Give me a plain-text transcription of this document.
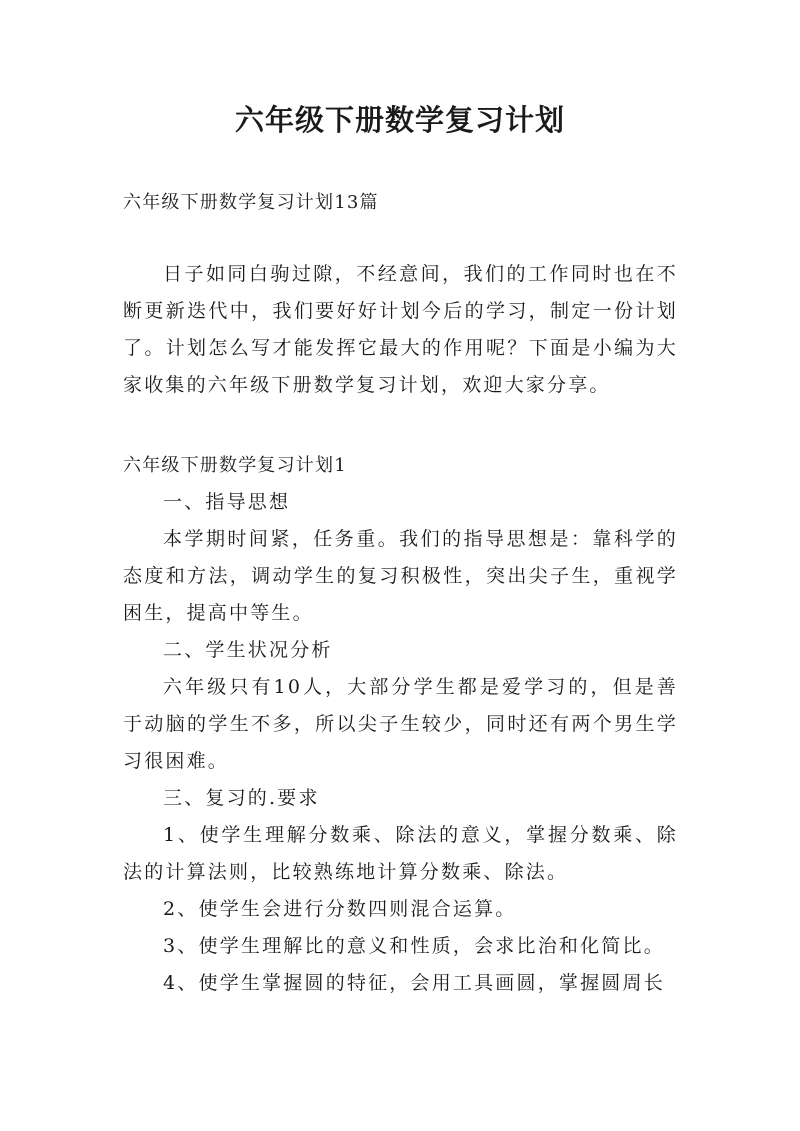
六年级下册数学复习计划
六年级下册数学复习计划13篇

日子如同白驹过隙，不经意间，我们的工作同时也在不断更新迭代中，我们要好好计划今后的学习，制定一份计划了。计划怎么写才能发挥它最大的作用呢？下面是小编为大家收集的六年级下册数学复习计划，欢迎大家分享。

六年级下册数学复习计划1

一、指导思想

本学期时间紧，任务重。我们的指导思想是：靠科学的态度和方法，调动学生的复习积极性，突出尖子生，重视学困生，提高中等生。

二、学生状况分析

六年级只有10人，大部分学生都是爱学习的，但是善于动脑的学生不多，所以尖子生较少，同时还有两个男生学习很困难。

三、复习的.要求

1、使学生理解分数乘、除法的意义，掌握分数乘、除法的计算法则，比较熟练地计算分数乘、除法。

2、使学生会进行分数四则混合运算。

3、使学生理解比的意义和性质，会求比治和化简比。

4、使学生掌握圆的特征，会用工具画圆，掌握圆周长
